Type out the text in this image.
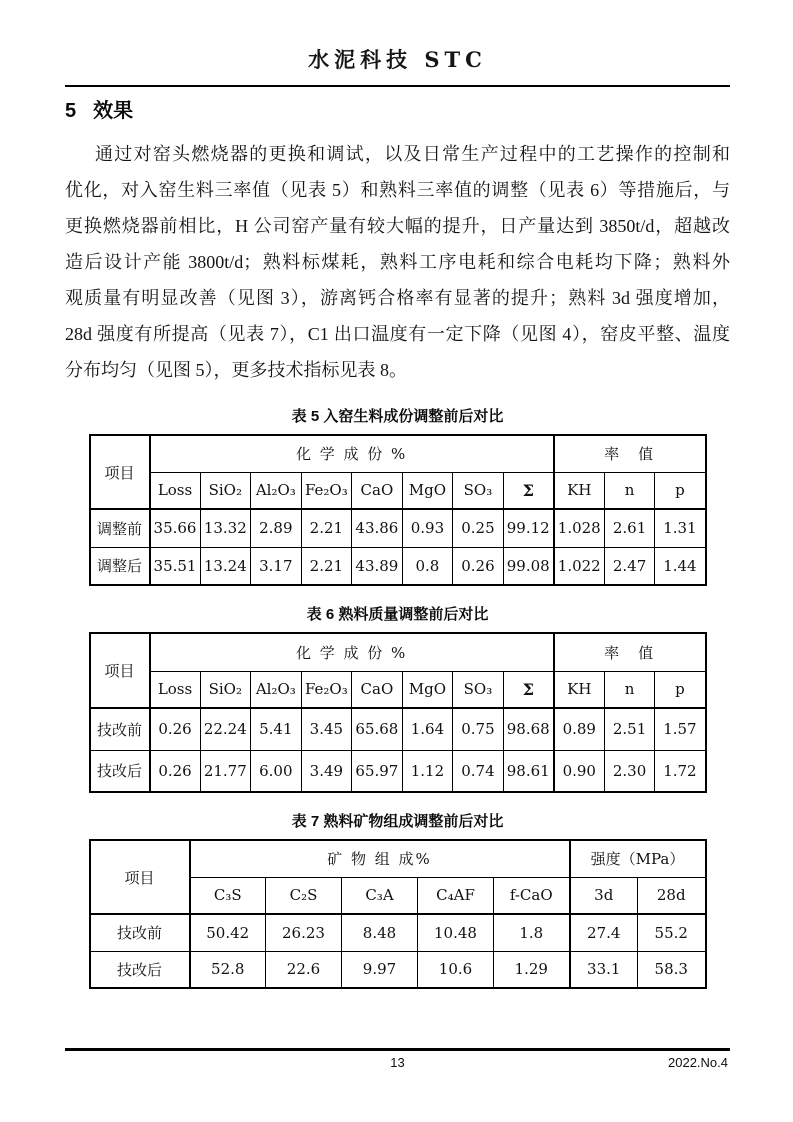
水泥科技 STC
5 效果
通过对窑头燃烧器的更换和调试，以及日常生产过程中的工艺操作的控制和
优化，对入窑生料三率值（见表 5）和熟料三率值的调整（见表 6）等措施后，与
更换燃烧器前相比，H 公司窑产量有较大幅的提升，日产量达到 3850t/d，超越改
造后设计产能 3800t/d；熟料标煤耗，熟料工序电耗和综合电耗均下降；熟料外
观质量有明显改善（见图 3），游离钙合格率有显著的提升；熟料 3d 强度增加，
28d 强度有所提高（见表 7），C1 出口温度有一定下降（见图 4），窑皮平整、温度
分布均匀（见图 5），更多技术指标见表 8。
表 5 入窑生料成份调整前后对比
项目	化 学 成 份 %								率　值		
	Loss	SiO₂	Al₂O₃	Fe₂O₃	CaO	MgO	SO₃	Σ	KH	n	p
调整前	35.66	13.32	2.89	2.21	43.86	0.93	0.25	99.12	1.028	2.61	1.31
调整后	35.51	13.24	3.17	2.21	43.89	0.8	0.26	99.08	1.022	2.47	1.44
表 6 熟料质量调整前后对比
项目	化 学 成 份 %								率　值		
	Loss	SiO₂	Al₂O₃	Fe₂O₃	CaO	MgO	SO₃	Σ	KH	n	p
技改前	0.26	22.24	5.41	3.45	65.68	1.64	0.75	98.68	0.89	2.51	1.57
技改后	0.26	21.77	6.00	3.49	65.97	1.12	0.74	98.61	0.90	2.30	1.72
表 7 熟料矿物组成调整前后对比
项目	矿 物 组 成%					强度（MPa）	
	C₃S	C₂S	C₃A	C₄AF	f-CaO	3d	28d
技改前	50.42	26.23	8.48	10.48	1.8	27.4	55.2
技改后	52.8	22.6	9.97	10.6	1.29	33.1	58.3
13	2022.No.4
